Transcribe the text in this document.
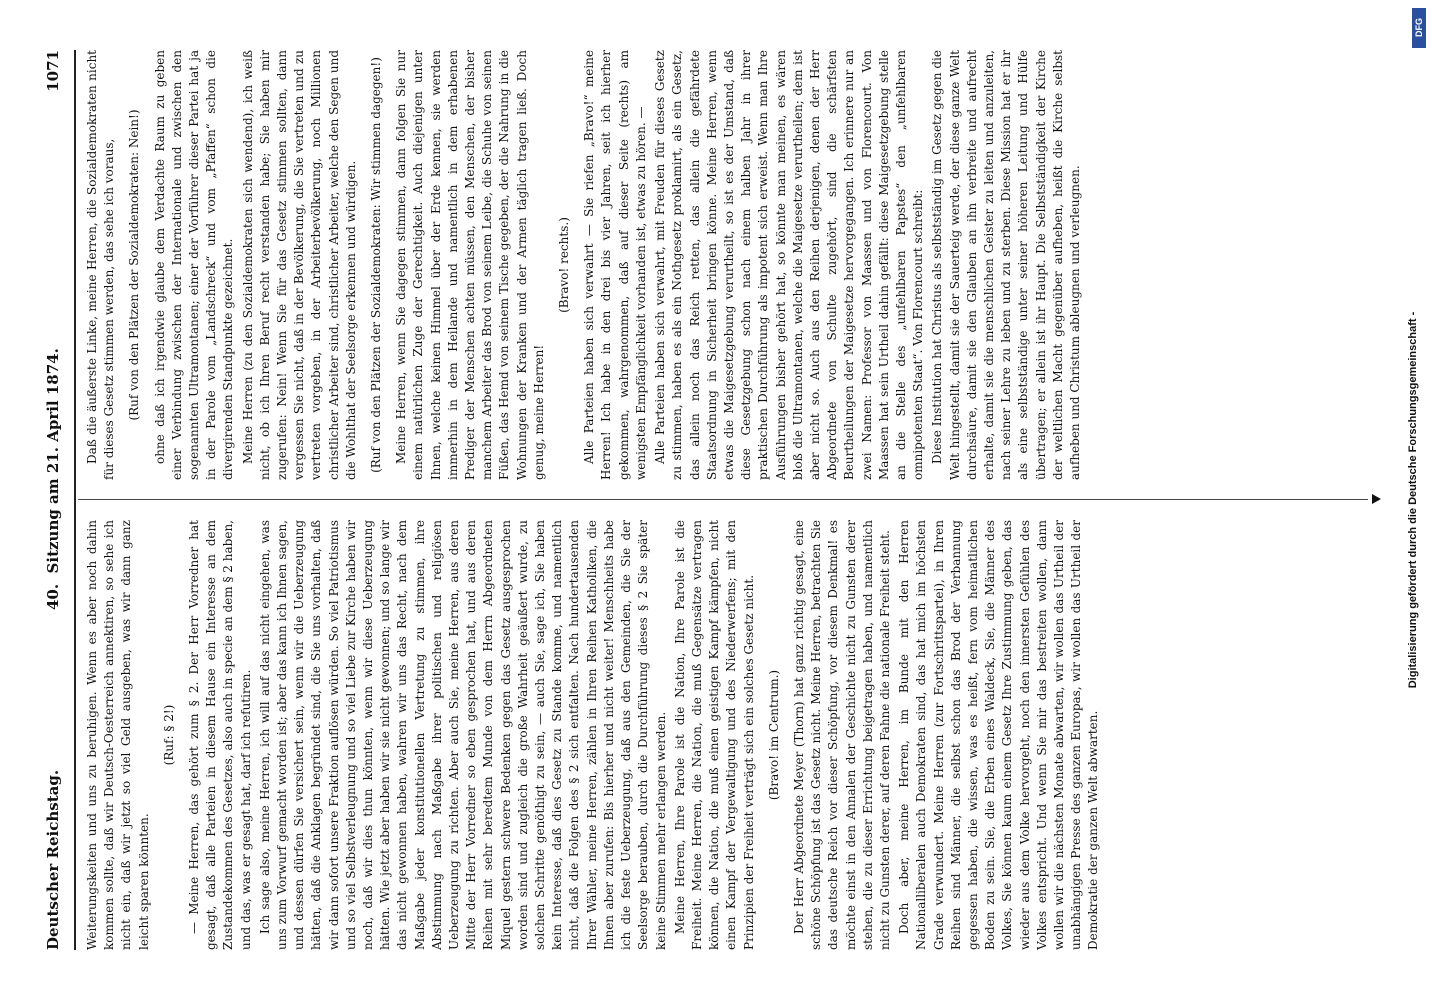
Deutscher Reichstag.
40.  Sitzung am 21. April 1874.
1071

Weiterungskeiten und uns zu beruhigen. Wenn es aber noch dahin kommen sollte, daß wir Deutsch-Oesterreich annektiren, so sehe ich nicht ein, daß wir jetzt so viel Geld ausgeben, was wir dann ganz leicht sparen könnten.

(Ruf: § 2!) — Meine Herren, das gehört zum § 2. Der Herr Vorredner hat gesagt, daß alle Parteien in diesem Hause ein Interesse an dem Zustandekommen des Gesetzes, also auch in specie an dem § 2 haben, und das, was er gesagt hat, darf ich refutiren. Ich sage also, meine Herren, ich will auf das nicht eingehen, was uns zum Vorwurf gemacht worden ist; aber das kann ich Ihnen sagen, und dessen dürfen Sie versichert sein, wenn wir die Ueberzeugung hätten, daß die Anklagen begründet sind, die Sie uns vorhalten, daß wir dann sofort unsere Fraktion auflösen würden. So viel Patriotismus und so viel Selbstverleugnung und so viel Liebe zur Kirche haben wir noch, daß wir dies thun könnten, wenn wir diese Ueberzeugung hätten. Wie jetzt aber haben wir sie nicht gewonnen; und so lange wir das nicht gewonnen haben, wahren wir uns das Recht, nach dem Maßgabe jeder konstitutionellen Vertretung zu stimmen, ihre Abstimmung nach Maßgabe ihrer politischen und religiösen Ueberzeugung zu richten. Aber auch Sie, meine Herren, aus deren Mitte der Herr Vorredner so eben gesprochen hat, und aus deren Reihen mit sehr beredtem Munde von dem Herrn Abgeordneten Miquel gestern schwere Bedenken gegen das Gesetz ausgesprochen worden sind und zugleich die große Wahrheit geäußert wurde, zu solchen Schritte genöthigt zu sein, — auch Sie, sage ich, Sie haben kein Interesse, daß dies Gesetz zu Stande komme, und namentlich nicht, daß die Folgen des § 2 sich entfalten. Nach hundertausenden Ihrer Wähler, meine Herren, zählen in Ihren Reihen Katholiken, die Ihnen aber zurufen: Bis hierher und nicht weiter! Menschheits habe ich die feste Ueberzeugung, daß aus den Gemeinden, die Sie der Seelsorge berauben, durch die Durchführung dieses § 2 Sie später keine Stimmen mehr erlangen werden. Meine Herren, Ihre Parole ist die Nation, Ihre Parole ist die Freiheit. Meine Herren, die Nation, die muß Gegensätze vertragen können, die Nation, die muß einen geistigen Kampf kämpfen, nicht einen Kampf der Vergewaltigung und des Niederwerfens; mit den Prinzipien der Freiheit verträgt sich ein solches Gesetz nicht. (Bravo! im Centrum.) Der Herr Abgeordnete Meyer (Thorn) hat ganz richtig gesagt, eine schöne Schöpfung ist das Gesetz nicht. Meine Herren, betrachten Sie das deutsche Reich vor dieser Schöpfung, vor diesem Denkmal! es möchte einst in den Annalen der Geschichte nicht zu Gunsten derer stehen, die zu dieser Errichtung beigetragen haben, und namentlich nicht zu Gunsten derer, auf deren Fahne die nationale Freiheit steht. Doch aber, meine Herren, im Bunde mit den Herren Nationalliberalen auch Demokraten sind, das hat mich im höchsten Grade verwundert. Meine Herren (zur Fortschrittspartei), in Ihren Reihen sind Männer, die selbst schon das Brod der Verbannung gegessen haben, die wissen, was es heißt, fern vom heimatlichen Boden zu sein. Sie, die Erben eines Waldeck, Sie, die Männer des Volkes, Sie können kaum einem Gesetz Ihre Zustimmung geben, das wieder aus dem Volke hervorgeht, noch den innersten Gefühlen des Volkes entspricht. Und wenn Sie mir das bestreiten wollen, dann wollen wir die nächsten Monate abwarten, wir wollen das Urtheil der unabhängigen Presse des ganzen Europas, wir wollen das Urtheil der Demokratie der ganzen Welt abwarten.

Daß die äußerste Linke, meine Herren, die Sozialdemokraten nicht für dieses Gesetz stimmen werden, das sehe ich voraus, (Ruf von den Plätzen der Sozialdemokraten: Nein!) ohne daß ich irgendwie glaube dem Verdachte Raum zu geben einer Verbindung zwischen der Internationale und zwischen den sogenannten Ultramontanen; einer der Vorführer dieser Partei hat ja in der Parole vom „Landschreck“ und vom „Pfaffen“ schon die divergirenden Standpunkte gezeichnet. Meine Herren (zu den Sozialdemokraten sich wendend), ich weiß nicht, ob ich Ihren Beruf recht verstanden habe; Sie haben mir zugerufen: Nein! Wenn Sie für das Gesetz stimmen sollten, dann vergessen Sie nicht, daß in der Bevölkerung, die Sie vertreten und zu vertreten vorgeben, in der Arbeiterbevölkerung, noch Millionen christlicher Arbeiter sind, christlicher Arbeiter, welche den Segen und die Wohlthat der Seelsorge erkennen und würdigen. (Ruf von den Plätzen der Sozialdemokraten: Wir stimmen dagegen!) Meine Herren, wenn Sie dagegen stimmen, dann folgen Sie nur einem natürlichen Zuge der Gerechtigkeit. Auch diejenigen unter Ihnen, welche keinen Himmel über der Erde kennen, sie werden immerhin in dem Heilande und namentlich in dem erhabenen Prediger der Menschen achten müssen, den Menschen, der bisher manchem Arbeiter das Brod von seinem Leibe, die Schuhe von seinen Füßen, das Hemd von seinem Tische gegeben, der die Nahrung in die Wohnungen der Kranken und der Armen täglich tragen ließ. Doch genug, meine Herren!

(Bravo! rechts.) Alle Parteien haben sich verwahrt — Sie riefen „Bravo!“ meine Herren! Ich habe in den drei bis vier Jahren, seit ich hierher gekommen, wahrgenommen, daß auf dieser Seite (rechts) am wenigsten Empfänglichkeit vorhanden ist, etwas zu hören. — Alle Parteien haben sich verwahrt, mit Freuden für dieses Gesetz zu stimmen, haben es als ein Nothgesetz proklamirt, als ein Gesetz, das allein noch das Reich retten, das allein die gefährdete Staatsordnung in Sicherheit bringen könne. Meine Herren, wenn etwas die Maigesetzgebung verurtheilt, so ist es der Umstand, daß diese Gesetzgebung schon nach einem halben Jahr in ihrer praktischen Durchführung als impotent sich erweist. Wenn man Ihre Ausführungen bisher gehört hat, so könnte man meinen, es wären bloß die Ultramontanen, welche die Maigesetze verurtheilen; dem ist aber nicht so. Auch aus den Reihen derjenigen, denen der Herr Abgeordnete von Schulte zugehört, sind die schärfsten Beurtheilungen der Maigesetze hervorgegangen. Ich erinnere nur an zwei Namen: Professor von Maassen und von Florencourt. Von Maassen hat sein Urtheil dahin gefällt: diese Maigesetzgebung stelle an die Stelle des „unfehlbaren Papstes“ den „unfehlbaren omnipotenten Staat“. Von Florencourt schreibt: Diese Institution hat Christus als selbstständig im Gesetz gegen die Welt hingestellt, damit sie der Sauerteig werde, der diese ganze Welt durchsäure, damit sie den Glauben an ihn verbreite und aufrecht erhalte, damit sie die menschlichen Geister zu leiten und anzuleiten, nach seiner Lehre zu leben und zu sterben. Diese Mission hat er ihr als eine selbstständige unter seiner höheren Leitung und Hülfe übertragen; er allein ist ihr Haupt. Die Selbstständigkeit der Kirche der weltlichen Macht gegenüber aufheben, heißt die Kirche selbst aufheben und Christum ableugnen und verleugnen.	Digitalisierung gefördert durch die Deutsche Forschungsgemeinschaft -
DFG
